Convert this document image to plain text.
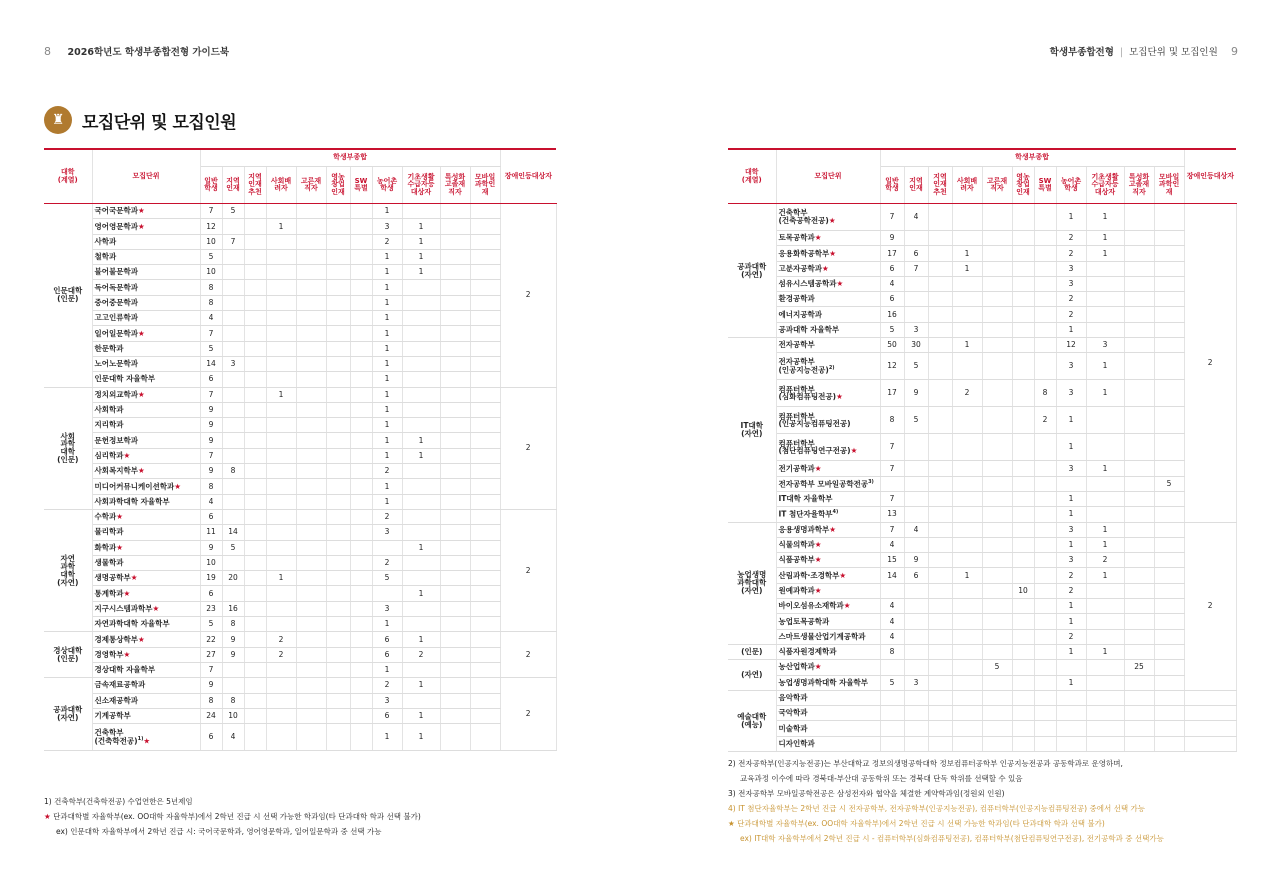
8 2026학년도 학생부종합전형 가이드북	학생부종합전형 | 모집단위 및 모집인원 9
♜	모집단위 및 모집인원
대학
(계열)	모집단위	학생부종합											장애인등대상자
		일반학생	지역인재	지역인재추천	사회배려자	고른재직자	영농창업인재	SW특별	농어촌학생	기초생활수급자등대상자	특성화고졸재직자	모바일과학인재	
인문대학
(인문)	국어국문학과★	7	5						1				2
	영어영문학과★	12			1				3	1			
	사학과	10	7						2	1			
	철학과	5							1	1			
	불어불문학과	10							1	1			
	독어독문학과	8							1				
	중어중문학과	8							1				
	고고인류학과	4							1				
	일어일문학과★	7							1				
	한문학과	5							1				
	노어노문학과	14	3						1				
	인문대학 자율학부	6							1				
사회
과학
대학
(인문)	정치외교학과★	7			1				1				2
	사회학과	9							1				
	지리학과	9							1				
	문헌정보학과	9							1	1			
	심리학과★	7							1	1			
	사회복지학부★	9	8						2				
	미디어커뮤니케이션학과★	8							1				
	사회과학대학 자율학부	4							1				
자연
과학
대학
(자연)	수학과★	6							2				2
	물리학과	11	14						3				
	화학과★	9	5							1			
	생물학과	10							2				
	생명공학부★	19	20		1				5				
	통계학과★	6								1			
	지구시스템과학부★	23	16						3				
	자연과학대학 자율학부	5	8						1				
경상대학
(인문)	경제통상학부★	22	9		2				6	1			2
	경영학부★	27	9		2				6	2			
	경상대학 자율학부	7							1				
공과대학
(자연)	금속재료공학과	9							2	1			2
	신소재공학과	8	8						3				
	기계공학부	24	10						6	1			
	건축학부
(건축학전공)$^{1)}$★	6	4						1	1			
대학
(계열)	모집단위	학생부종합											장애인등대상자
		일반학생	지역인재	지역인재추천	사회배려자	고른재직자	영농창업인재	SW특별	농어촌학생	기초생활수급자등대상자	특성화고졸재직자	모바일과학인재	
공과대학
(자연)	건축학부
(건축공학전공)★	7	4						1	1			2
	토목공학과★	9							2	1			
	응용화학공학부★	17	6		1				2	1			
	고분자공학과★	6	7		1				3				
	섬유시스템공학과★	4							3				
	환경공학과	6							2				
	에너지공학과	16							2				
	공과대학 자율학부	5	3						1				
IT대학
(자연)	전자공학부	50	30		1				12	3			
	전자공학부
(인공지능전공)$^{2)}$	12	5						3	1			
	컴퓨터학부
(심화컴퓨팅전공)★	17	9		2			8	3	1			
	컴퓨터학부
(인공지능컴퓨팅전공)	8	5					2	1				
	컴퓨터학부
(첨단컴퓨팅연구전공)★	7							1				
	전기공학과★	7							3	1			
	전자공학부 모바일공학전공$^{3)}$											5	
	IT대학 자율학부	7							1				
	IT 첨단자율학부$^{4)}$	13							1				
농업생명
과학대학
(자연)	응용생명과학부★	7	4						3	1			2
	식물의학과★	4							1	1			
	식품공학부★	15	9						3	2			
	산림과학·조경학부★	14	6		1				2	1			
	원예과학과★						10		2				
	바이오섬유소재학과★	4							1				
	농업토목공학과	4							1				
	스마트생물산업기계공학과	4							2				
(인문)	식품자원경제학과	8							1	1			
(자연)	농산업학과★					5					25		
	농업생명과학대학 자율학부	5	3						1				
예술대학
(예능)	음악학과												
	국악학과												
	미술학과												
	디자인학과												
1) 건축학부(건축학전공) 수업연한은 5년제임
★ 단과대학별 자율학부(ex. OO대학 자율학부)에서 2학년 진급 시 선택 가능한 학과임(타 단과대학 학과 선택 불가)
ex) 인문대학 자율학부에서 2학년 진급 시: 국어국문학과, 영어영문학과, 일어일문학과 중 선택 가능
2) 전자공학부(인공지능전공)는 부산대학교 정보의생명공학대학 정보컴퓨터공학부 인공지능전공과 공동학과로 운영하며,
교육과정 이수에 따라 경북대-부산대 공동학위 또는 경북대 단독 학위를 선택할 수 있음
3) 전자공학부 모바일공학전공은 삼성전자와 협약을 체결한 계약학과임(정원외 인원)
4) IT 첨단자율학부는 2학년 진급 시 전자공학부, 전자공학부(인공지능전공), 컴퓨터학부(인공지능컴퓨팅전공) 중에서 선택 가능
★ 단과대학별 자율학부(ex. OO대학 자율학부)에서 2학년 진급 시 선택 가능한 학과임(타 단과대학 학과 선택 불가)
ex) IT대학 자율학부에서 2학년 진급 시 - 컴퓨터학부(심화컴퓨팅전공), 컴퓨터학부(첨단컴퓨팅연구전공), 전기공학과 중 선택가능
